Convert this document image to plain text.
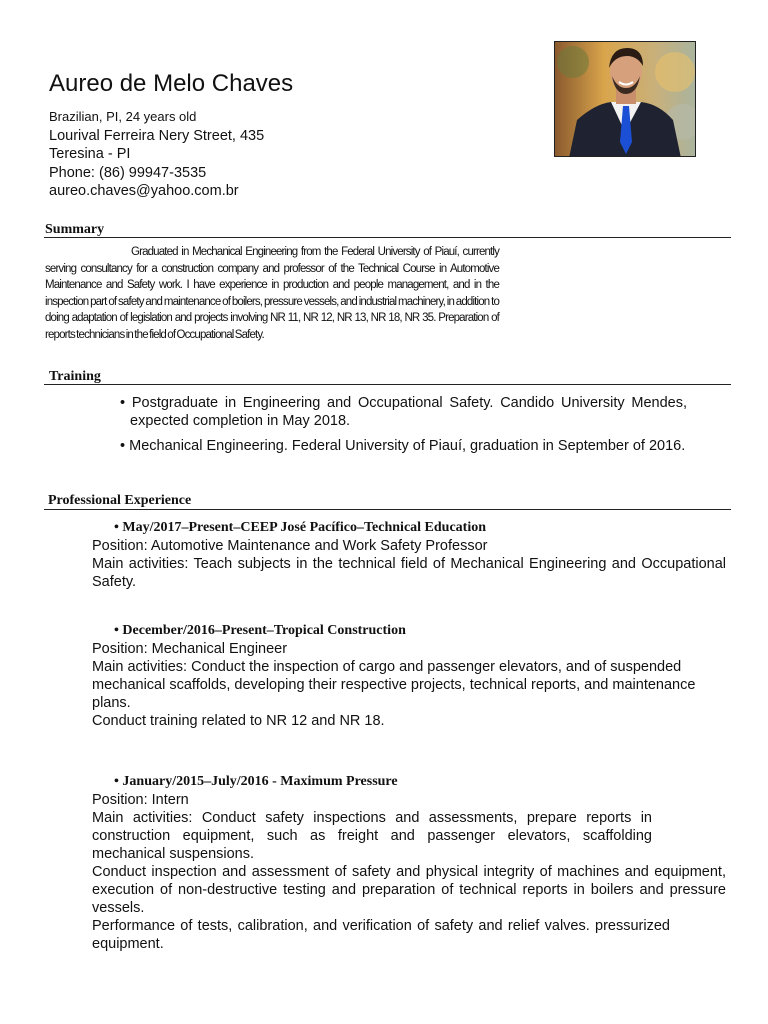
Aureo de Melo Chaves
Brazilian, PI, 24 years old
Lourival Ferreira Nery Street, 435
Teresina - PI
Phone: (86) 99947-3535
aureo.chaves@yahoo.com.br
Summary

Graduated in Mechanical Engineering from the Federal University of Piauí, currently serving consultancy for a construction company and professor of the Technical Course in Automotive Maintenance and Safety work. I have experience in production and people management, and in the inspection part of safety and maintenance of boilers, pressure vessels, and industrial machinery, in addition to doing adaptation of legislation and projects involving NR 11, NR 12, NR 13, NR 18, NR 35. Preparation of reports technicians in the field of Occupational Safety.

Training
• Postgraduate in Engineering and Occupational Safety. Candido University Mendes, expected completion in May 2018.
• Mechanical Engineering. Federal University of Piauí, graduation in September of 2016.
Professional Experience
• May/2017–Present–CEEP José Pacífico–Technical Education

Position: Automotive Maintenance and Work Safety Professor

Main activities: Teach subjects in the technical field of Mechanical Engineering and Occupational Safety.

• December/2016–Present–Tropical Construction

Position: Mechanical Engineer

Main activities: Conduct the inspection of cargo and passenger elevators, and of suspended mechanical scaffolds, developing their respective projects, technical reports, and maintenance plans.

Conduct training related to NR 12 and NR 18.

• January/2015–July/2016 - Maximum Pressure

Position: Intern

Main activities: Conduct safety inspections and assessments, prepare reports in construction equipment, such as freight and passenger elevators, scaffolding mechanical suspensions.

Conduct inspection and assessment of safety and physical integrity of machines and equipment, execution of non-destructive testing and preparation of technical reports in boilers and pressure vessels.

Performance of tests, calibration, and verification of safety and relief valves. pressurized equipment.
